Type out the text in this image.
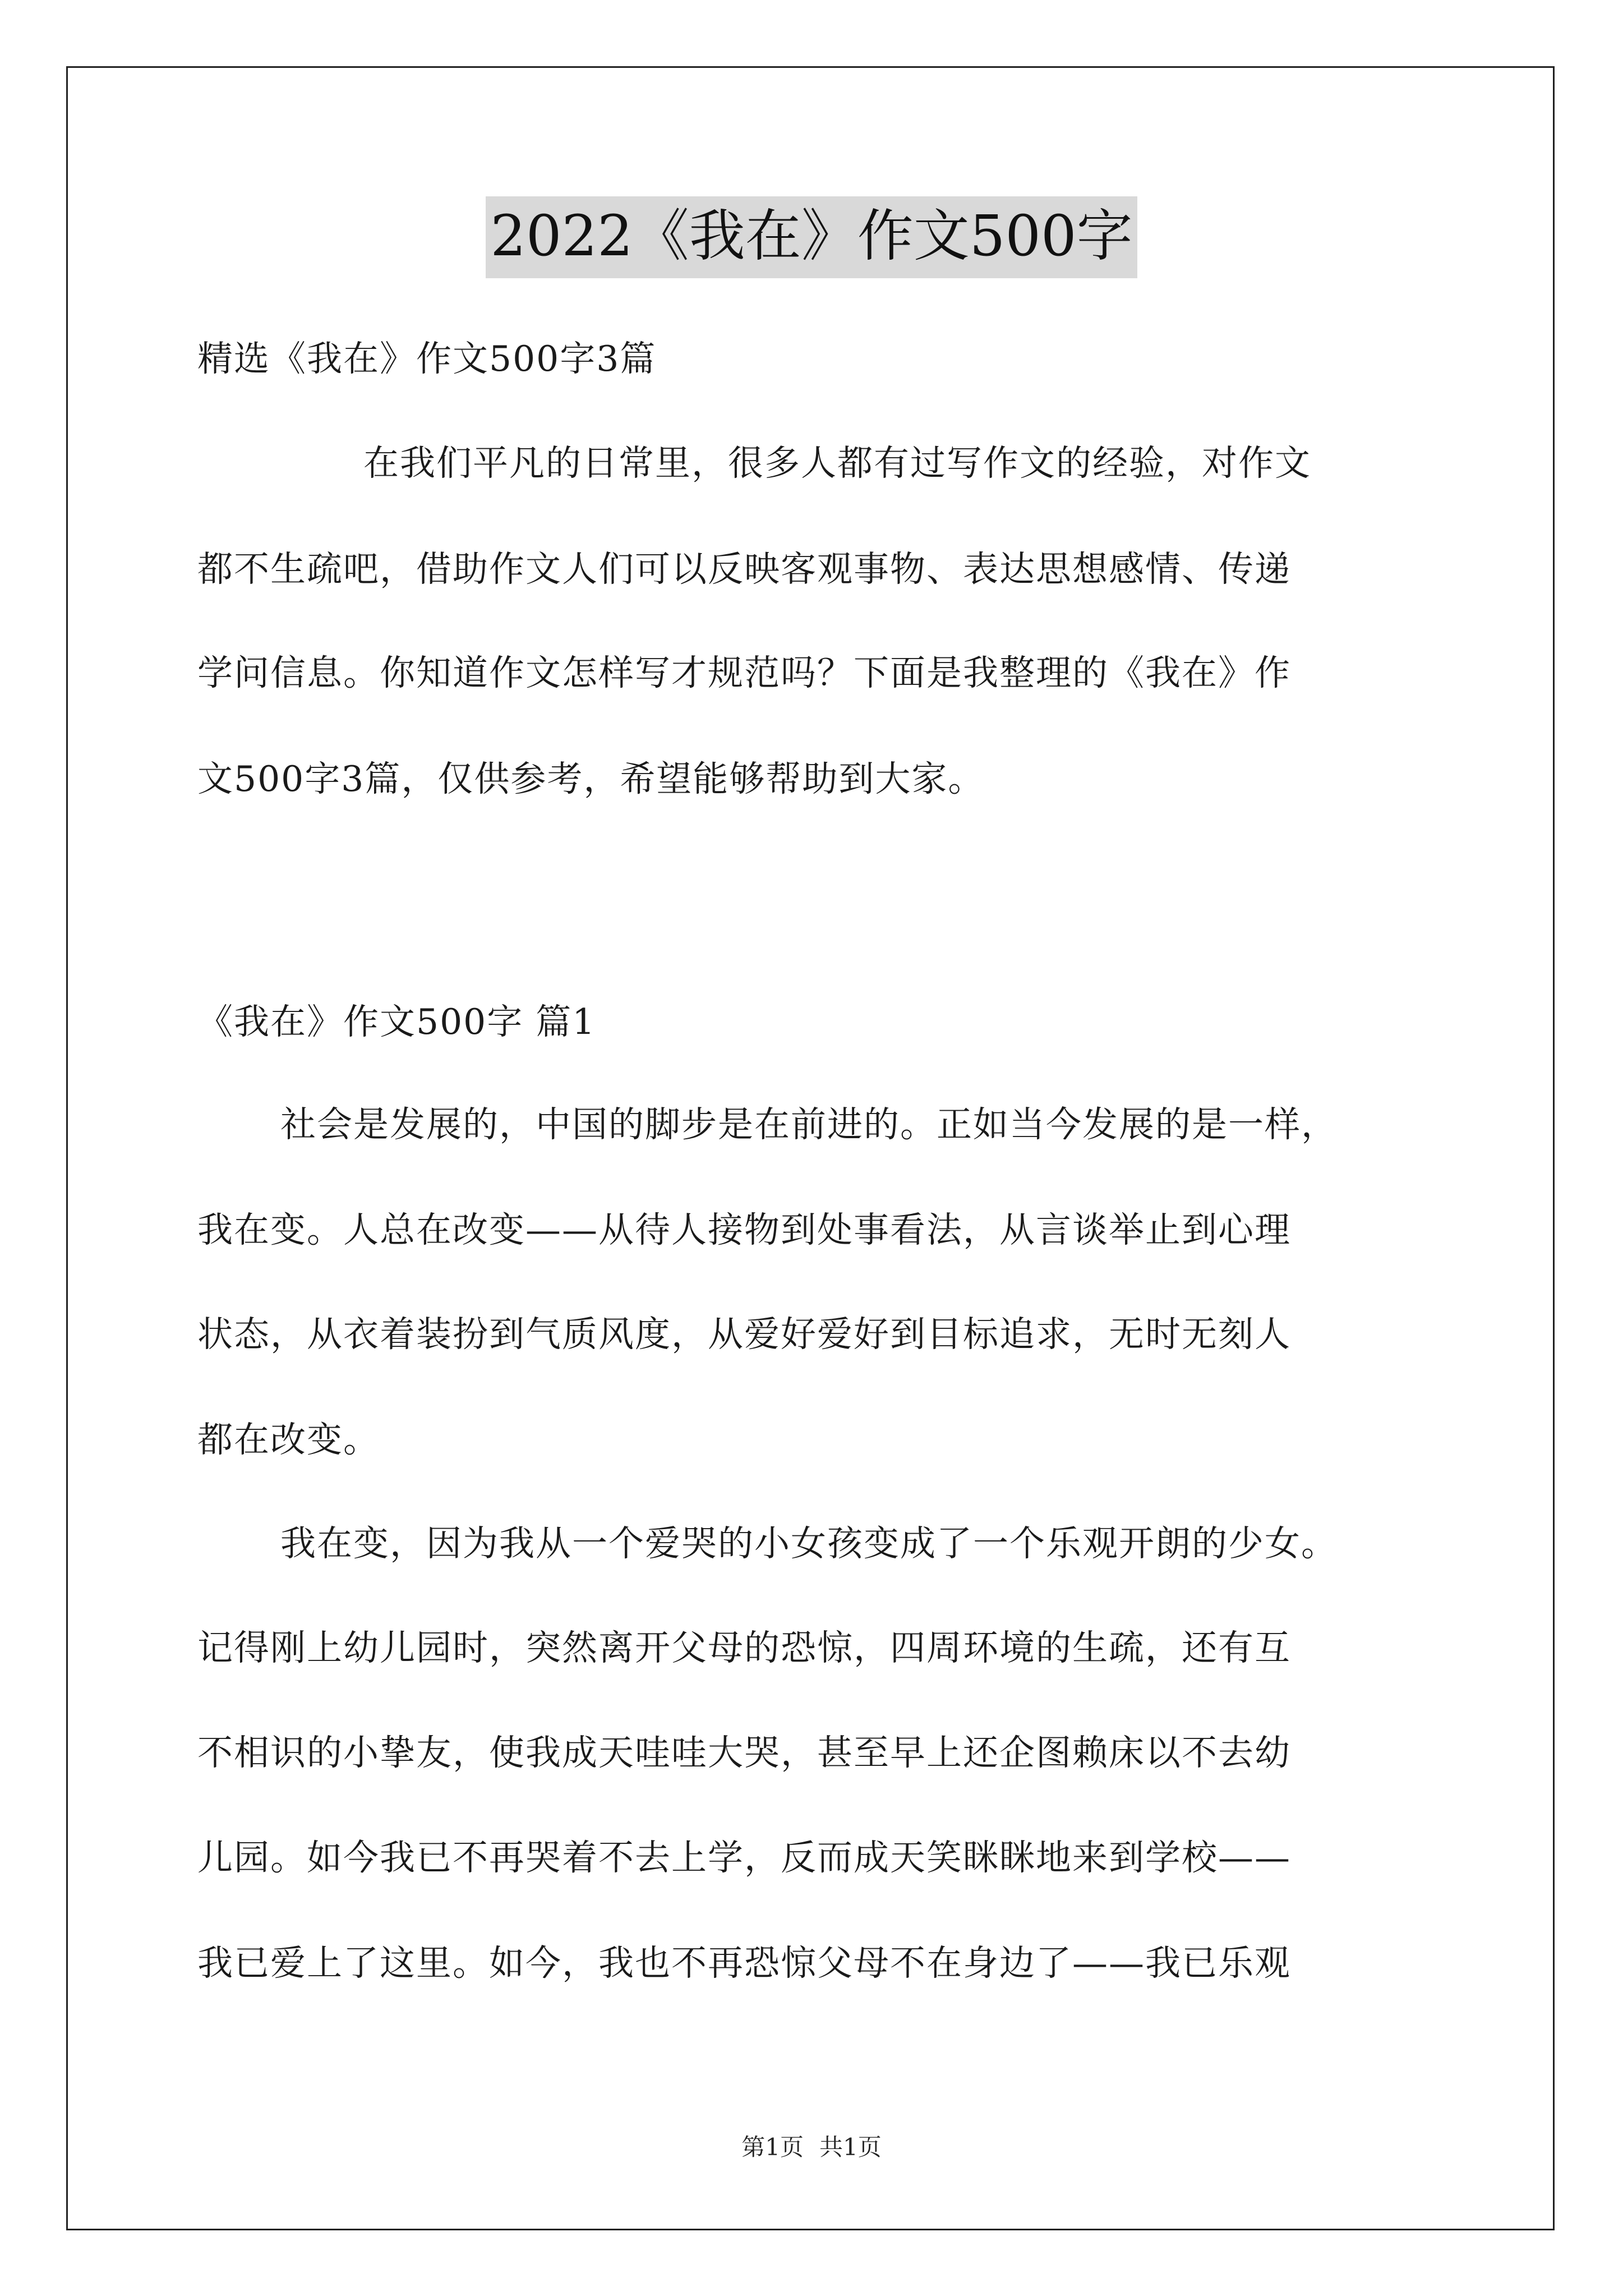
2022《我在》作文500字
精选《我在》作文500字3篇
在我们平凡的日常里，很多人都有过写作文的经验，对作文
都不生疏吧，借助作文人们可以反映客观事物、表达思想感情、传递
学问信息。你知道作文怎样写才规范吗？下面是我整理的《我在》作
文500字3篇，仅供参考，希望能够帮助到大家。
《我在》作文500字 篇1
社会是发展的，中国的脚步是在前进的。正如当今发展的是一样，
我在变。人总在改变——从待人接物到处事看法，从言谈举止到心理
状态，从衣着装扮到气质风度，从爱好爱好到目标追求，无时无刻人
都在改变。
我在变，因为我从一个爱哭的小女孩变成了一个乐观开朗的少女。
记得刚上幼儿园时，突然离开父母的恐惊，四周环境的生疏，还有互
不相识的小挚友，使我成天哇哇大哭，甚至早上还企图赖床以不去幼
儿园。如今我已不再哭着不去上学，反而成天笑眯眯地来到学校——
我已爱上了这里。如今，我也不再恐惊父母不在身边了——我已乐观
第1页 共1页
